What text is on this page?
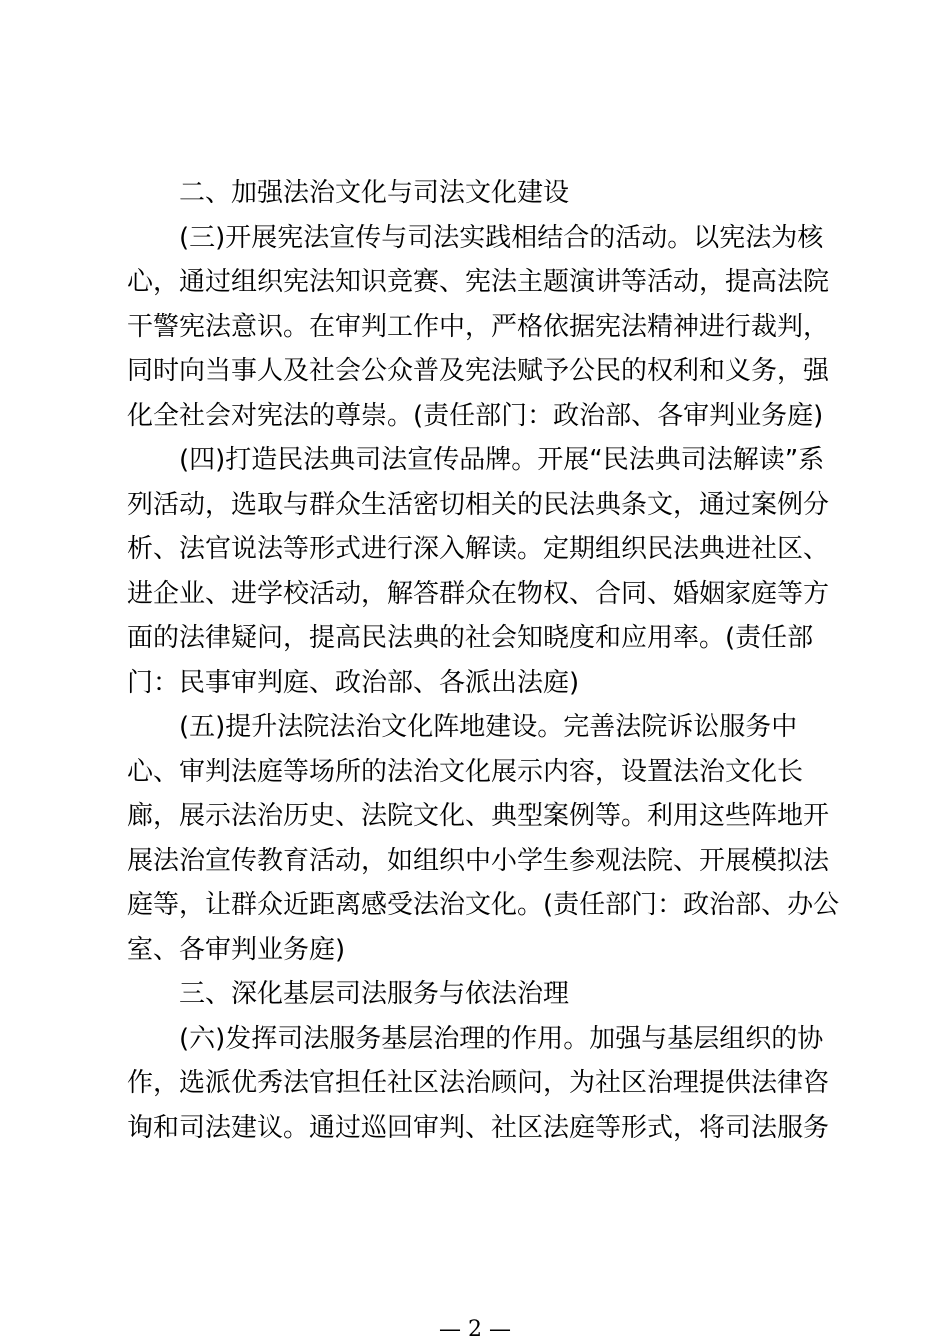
二、加强法治文化与司法文化建设
(三)开展宪法宣传与司法实践相结合的活动。以宪法为核
心，通过组织宪法知识竞赛、宪法主题演讲等活动，提高法院
干警宪法意识。在审判工作中，严格依据宪法精神进行裁判，
同时向当事人及社会公众普及宪法赋予公民的权利和义务，强
化全社会对宪法的尊崇。(责任部门：政治部、各审判业务庭)
(四)打造民法典司法宣传品牌。开展“民法典司法解读”系
列活动，选取与群众生活密切相关的民法典条文，通过案例分
析、法官说法等形式进行深入解读。定期组织民法典进社区、
进企业、进学校活动，解答群众在物权、合同、婚姻家庭等方
面的法律疑问，提高民法典的社会知晓度和应用率。(责任部
门：民事审判庭、政治部、各派出法庭)
(五)提升法院法治文化阵地建设。完善法院诉讼服务中
心、审判法庭等场所的法治文化展示内容，设置法治文化长
廊，展示法治历史、法院文化、典型案例等。利用这些阵地开
展法治宣传教育活动，如组织中小学生参观法院、开展模拟法
庭等，让群众近距离感受法治文化。(责任部门：政治部、办公
室、各审判业务庭)
三、深化基层司法服务与依法治理
(六)发挥司法服务基层治理的作用。加强与基层组织的协
作，选派优秀法官担任社区法治顾问，为社区治理提供法律咨
询和司法建议。通过巡回审判、社区法庭等形式，将司法服务
— 2 —
